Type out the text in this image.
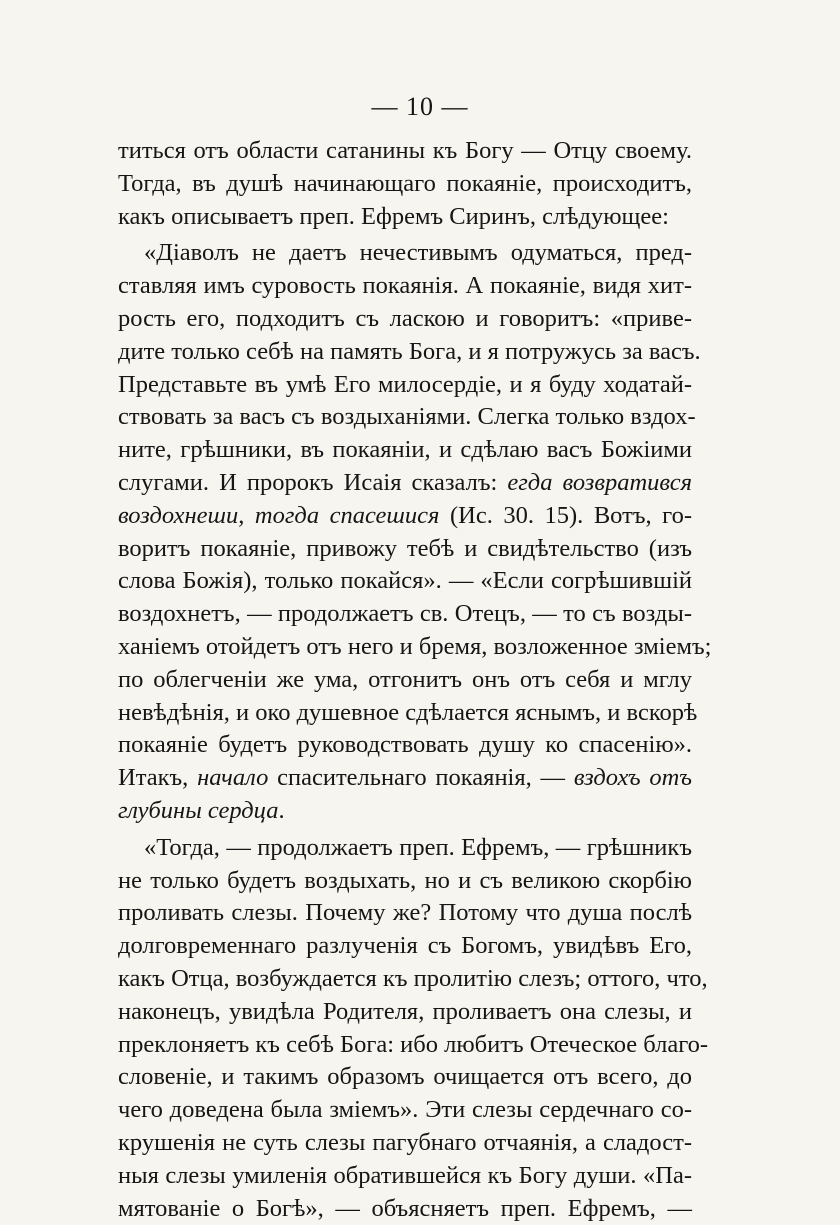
— 10 —
титься отъ области сатанины къ Богу — Отцу своему.
Тогда, въ душѣ начинающаго покаяніе, происходитъ,
какъ описываетъ преп. Ефремъ Сиринъ, слѣдующее:
«Діаволъ не даетъ нечестивымъ одуматься, пред-
ставляя имъ суровость покаянія. А покаяніе, видя хит-
рость его, подходитъ съ ласкою и говоритъ: «приве-
дите только себѣ на память Бога, и я потружусь за васъ.
Представьте въ умѣ Его милосердіе, и я буду ходатай-
ствовать за васъ съ воздыханіями. Слегка только вздох-
ните, грѣшники, въ покаяніи, и сдѣлаю васъ Божіими
слугами. И пророкъ Исаія сказалъ: егда возвратився
воздохнеши, тогда спасешися (Ис. 30. 15). Вотъ, го-
воритъ покаяніе, привожу тебѣ и свидѣтельство (изъ
слова Божія), только покайся». — «Если согрѣшившій
воздохнетъ, — продолжаетъ св. Отецъ, — то съ возды-
ханіемъ отойдетъ отъ него и бремя, возложенное зміемъ;
по облегченіи же ума, отгонитъ онъ отъ себя и мглу
невѣдѣнія, и око душевное сдѣлается яснымъ, и вскорѣ
покаяніе будетъ руководствовать душу ко спасенію».
Итакъ, начало спасительнаго покаянія, — вздохъ отъ
глубины сердца.
«Тогда, — продолжаетъ преп. Ефремъ, — грѣшникъ
не только будетъ воздыхать, но и съ великою скорбію
проливать слезы. Почему же? Потому что душа послѣ
долговременнаго разлученія съ Богомъ, увидѣвъ Его,
какъ Отца, возбуждается къ пролитію слезъ; оттого, что,
наконецъ, увидѣла Родителя, проливаетъ она слезы, и
преклоняетъ къ себѣ Бога: ибо любитъ Отеческое благо-
словеніе, и такимъ образомъ очищается отъ всего, до
чего доведена была зміемъ». Эти слезы сердечнаго со-
крушенія не суть слезы пагубнаго отчаянія, а сладост-
ныя слезы умиленія обратившейся къ Богу души. «Па-
мятованіе о Богѣ», — объясняетъ преп. Ефремъ, —
